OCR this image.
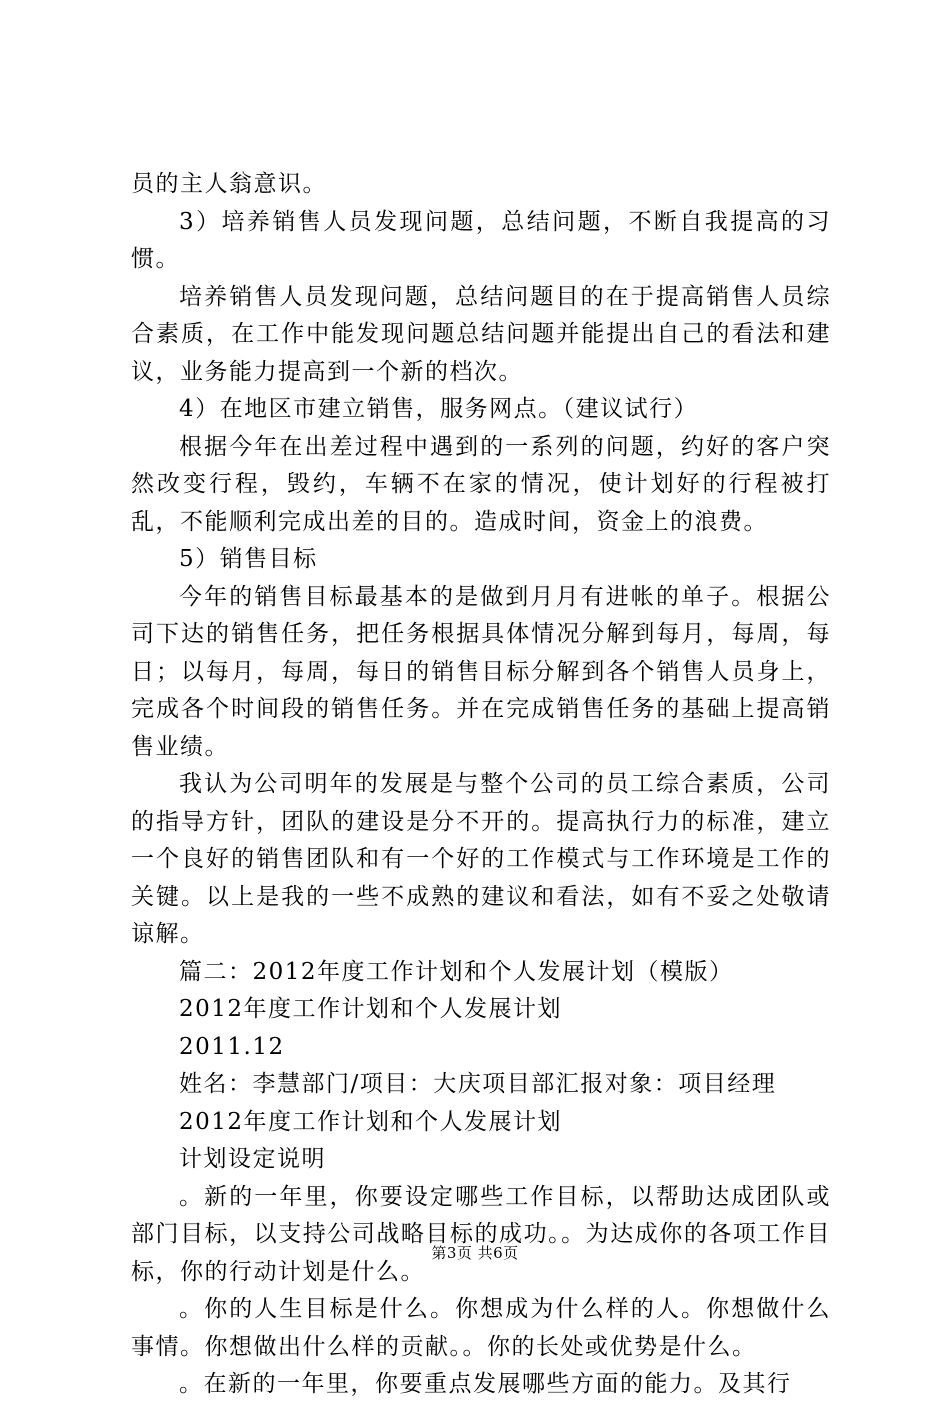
员的主人翁意识。

3）培养销售人员发现问题，总结问题，不断自我提高的习惯。

培养销售人员发现问题，总结问题目的在于提高销售人员综合素质，在工作中能发现问题总结问题并能提出自己的看法和建议，业务能力提高到一个新的档次。

4）在地区市建立销售，服务网点。（建议试行）

根据今年在出差过程中遇到的一系列的问题，约好的客户突然改变行程，毁约，车辆不在家的情况，使计划好的行程被打乱，不能顺利完成出差的目的。造成时间，资金上的浪费。

5）销售目标

今年的销售目标最基本的是做到月月有进帐的单子。根据公司下达的销售任务，把任务根据具体情况分解到每月，每周，每日；以每月，每周，每日的销售目标分解到各个销售人员身上，完成各个时间段的销售任务。并在完成销售任务的基础上提高销售业绩。

我认为公司明年的发展是与整个公司的员工综合素质，公司的指导方针，团队的建设是分不开的。提高执行力的标准，建立一个良好的销售团队和有一个好的工作模式与工作环境是工作的关键。以上是我的一些不成熟的建议和看法，如有不妥之处敬请谅解。

篇二：2012年度工作计划和个人发展计划（模版）

2012年度工作计划和个人发展计划

2011.12

姓名：李慧部门/项目：大庆项目部汇报对象：项目经理

2012年度工作计划和个人发展计划

计划设定说明

。新的一年里，你要设定哪些工作目标，以帮助达成团队或部门目标，以支持公司战略目标的成功。。为达成你的各项工作目标，你的行动计划是什么。

。你的人生目标是什么。你想成为什么样的人。你想做什么事情。你想做出什么样的贡献。。你的长处或优势是什么。

。在新的一年里，你要重点发展哪些方面的能力。及其行

第3页 共6页
